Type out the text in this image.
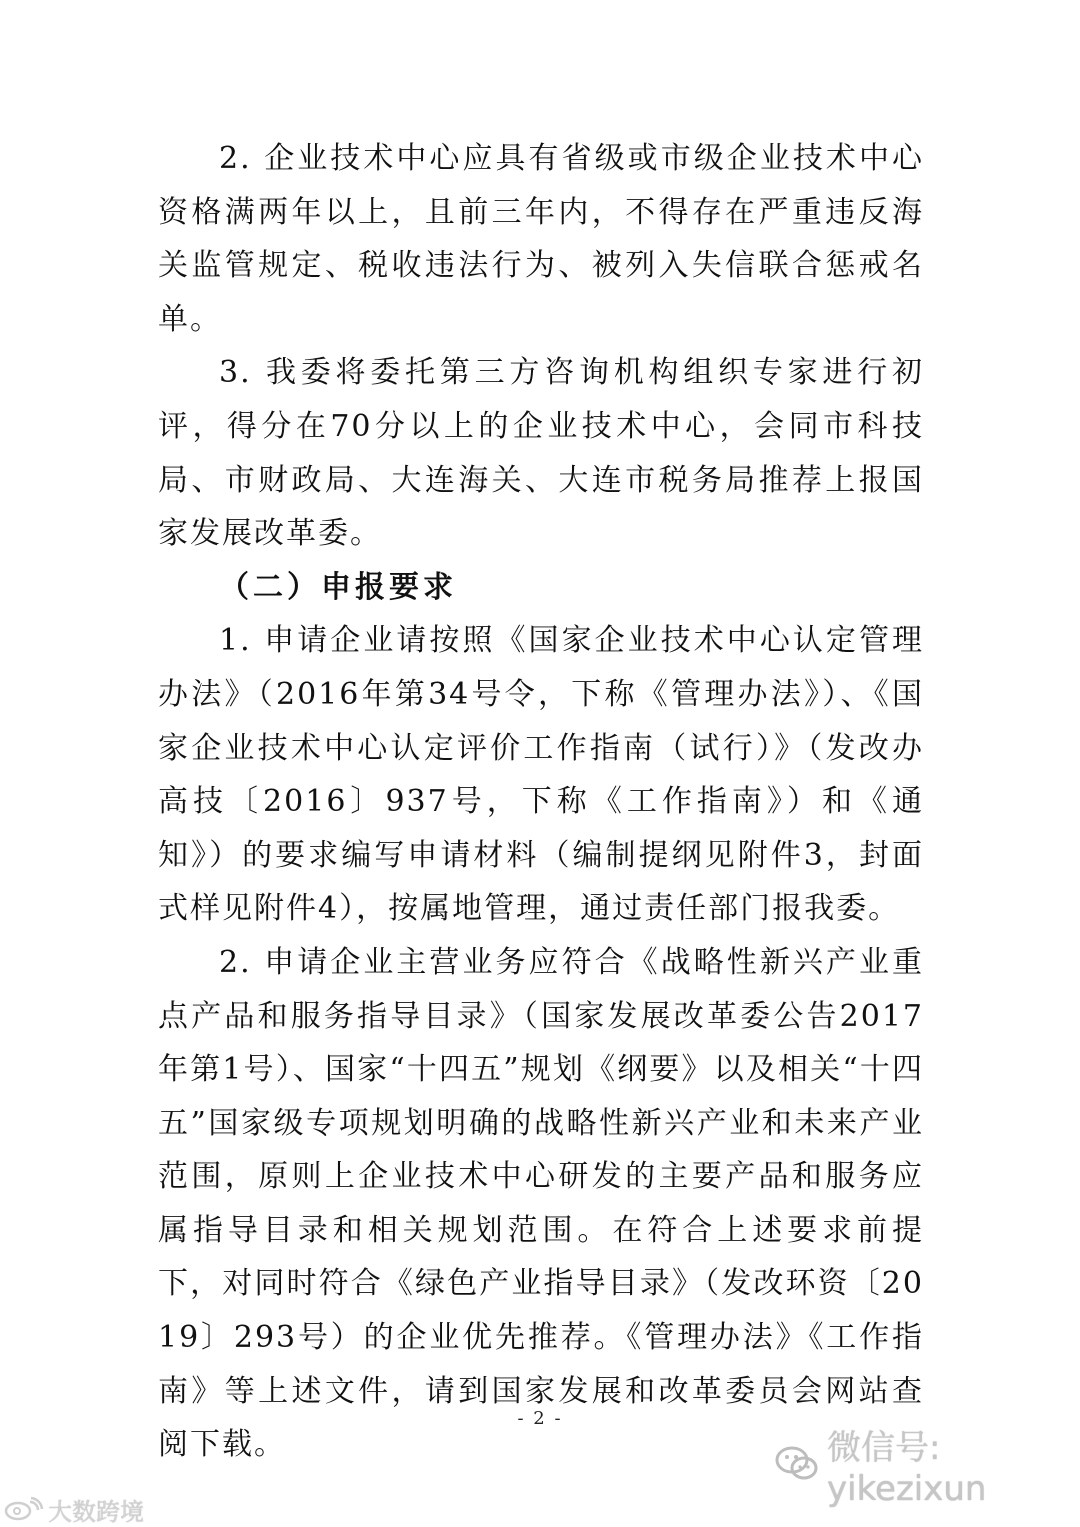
2. 企业技术中心应具有省级或市级企业技术中心资格满两年以上，且前三年内，不得存在严重违反海关监管规定、税收违法行为、被列入失信联合惩戒名单。

3. 我委将委托第三方咨询机构组织专家进行初评，得分在70分以上的企业技术中心，会同市科技局、市财政局、大连海关、大连市税务局推荐上报国家发展改革委。

（二）申报要求

1. 申请企业请按照《国家企业技术中心认定管理办法》（2016年第34号令，下称《管理办法》）、《国家企业技术中心认定评价工作指南（试行）》（发改办高技〔2016〕937号，下称《工作指南》）和《通知》）的要求编写申请材料（编制提纲见附件3，封面式样见附件4），按属地管理，通过责任部门报我委。

2. 申请企业主营业务应符合《战略性新兴产业重点产品和服务指导目录》（国家发展改革委公告2017年第1号）、国家“十四五”规划《纲要》以及相关“十四五”国家级专项规划明确的战略性新兴产业和未来产业范围，原则上企业技术中心研发的主要产品和服务应属指导目录和相关规划范围。在符合上述要求前提下，对同时符合《绿色产业指导目录》（发改环资〔2019〕293号）的企业优先推荐。《管理办法》《工作指南》等上述文件，请到国家发展和改革委员会网站查阅下载。

- 2 -
微信号: yikezixun
大数跨境
